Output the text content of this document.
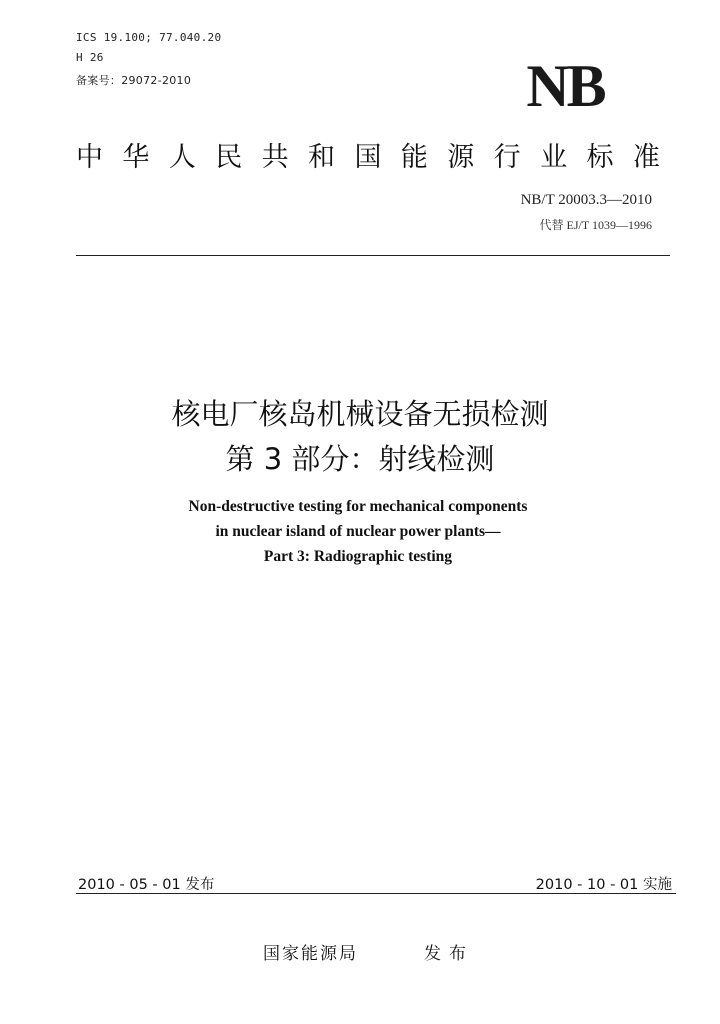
ICS 19.100; 77.040.20
H 26
备案号：29072-2010	NB
中 华 人 民 共 和 国 能 源 行 业 标 准
NB/T 20003.3—2010
代替 EJ/T 1039—1996
核电厂核岛机械设备无损检测
第 3 部分：射线检测
Non-destructive testing for mechanical components
in nuclear island of nuclear power plants—
Part 3: Radiographic testing
2010 - 05 - 01 发布	2010 - 10 - 01 实施
国家能源局	发布
